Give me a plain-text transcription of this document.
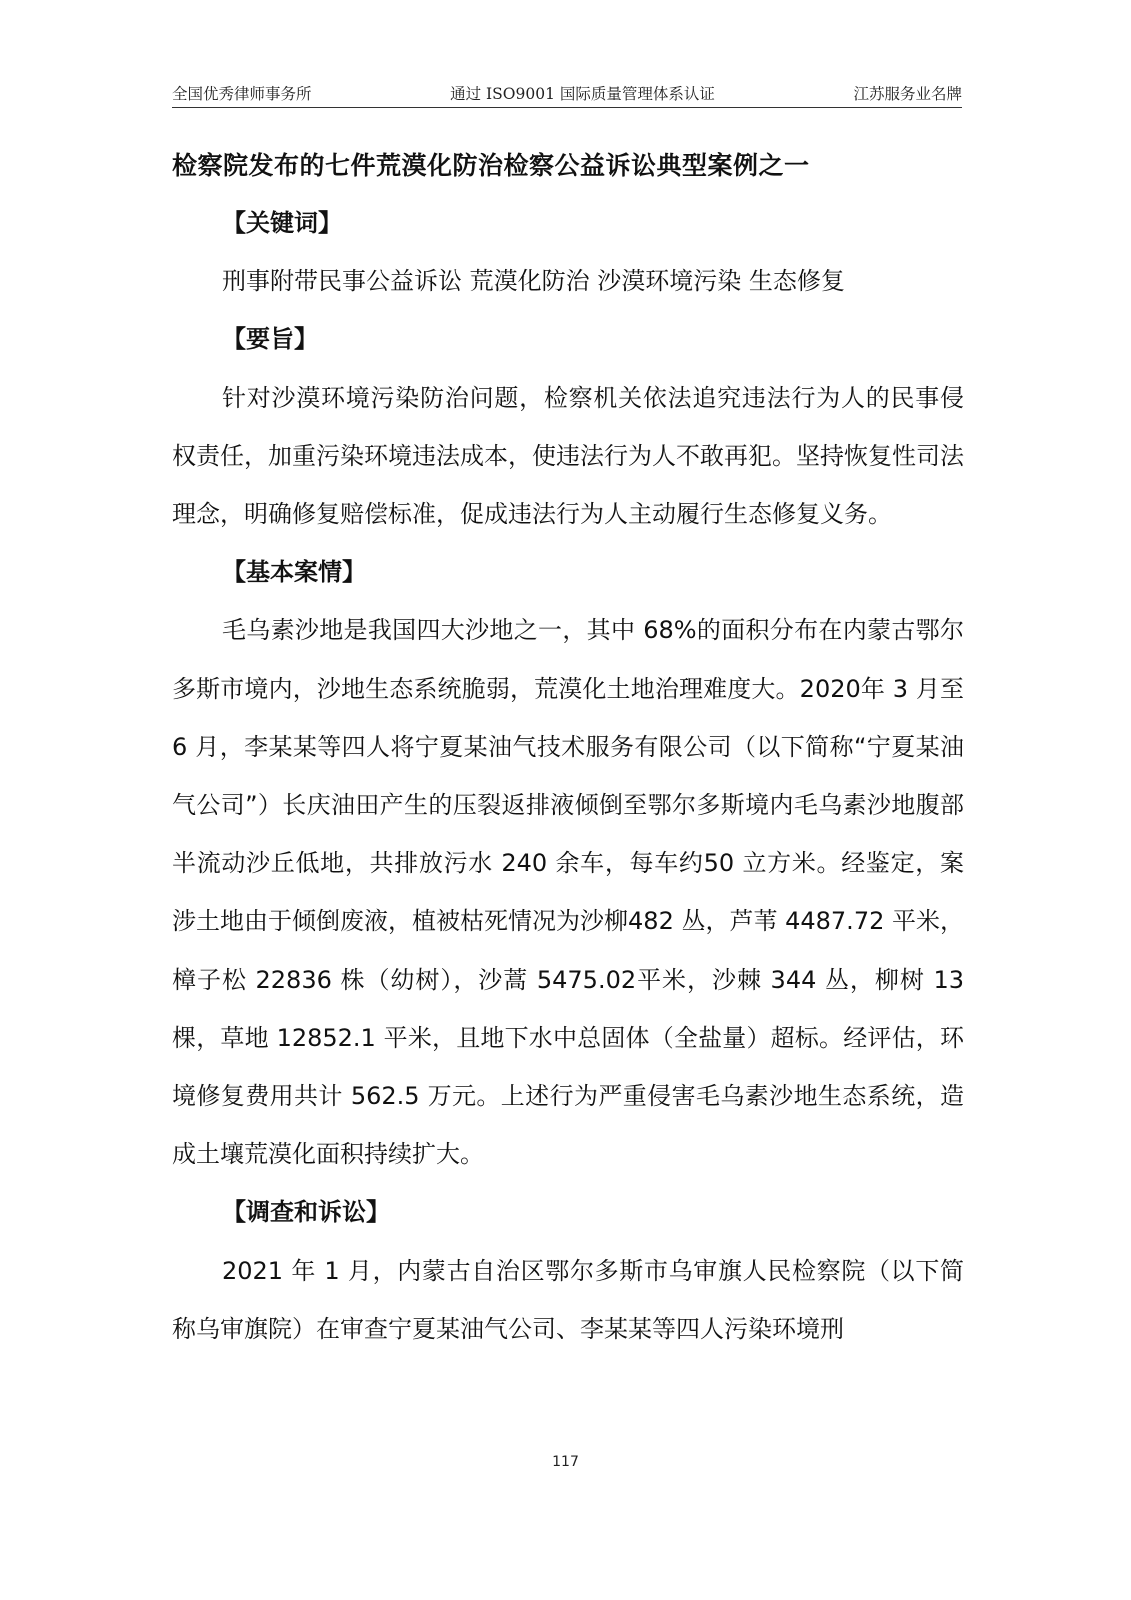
全国优秀律师事务所	通过 ISO9001 国际质量管理体系认证	江苏服务业名牌
检察院发布的七件荒漠化防治检察公益诉讼典型案例之一

【关键词】

刑事附带民事公益诉讼 荒漠化防治 沙漠环境污染 生态修复

【要旨】

针对沙漠环境污染防治问题，检察机关依法追究违法行为人的民事侵权责任，加重污染环境违法成本，使违法行为人不敢再犯。坚持恢复性司法理念，明确修复赔偿标准，促成违法行为人主动履行生态修复义务。

【基本案情】

毛乌素沙地是我国四大沙地之一，其中 68%的面积分布在内蒙古鄂尔多斯市境内，沙地生态系统脆弱，荒漠化土地治理难度大。2020年 3 月至 6 月，李某某等四人将宁夏某油气技术服务有限公司（以下简称“宁夏某油气公司”）长庆油田产生的压裂返排液倾倒至鄂尔多斯境内毛乌素沙地腹部半流动沙丘低地，共排放污水 240 余车，每车约50 立方米。经鉴定，案涉土地由于倾倒废液，植被枯死情况为沙柳482 丛，芦苇 4487.72 平米，樟子松 22836 株（幼树），沙蒿 5475.02平米，沙棘 344 丛，柳树 13 棵，草地 12852.1 平米，且地下水中总固体（全盐量）超标。经评估，环境修复费用共计 562.5 万元。上述行为严重侵害毛乌素沙地生态系统，造成土壤荒漠化面积持续扩大。

【调查和诉讼】

2021 年 1 月，内蒙古自治区鄂尔多斯市乌审旗人民检察院（以下简称乌审旗院）在审查宁夏某油气公司、李某某等四人污染环境刑

117
